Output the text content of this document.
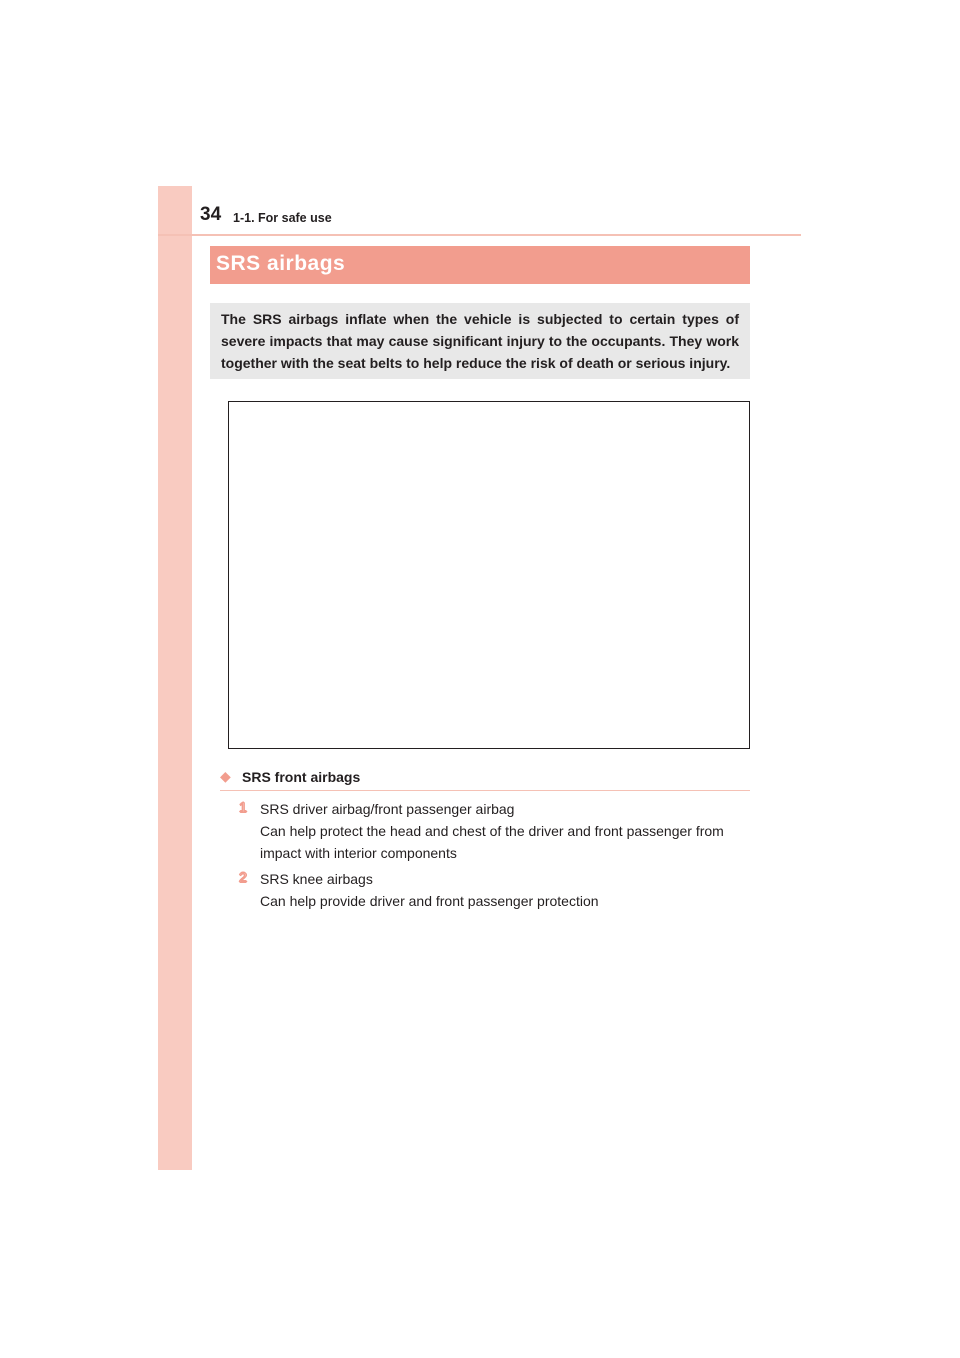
34 1-1. For safe use
SRS airbags
The SRS airbags inflate when the vehicle is subjected to certain types of severe impacts that may cause significant injury to the occupants. They work together with the seat belts to help reduce the risk of death or serious injury.
◆ SRS front airbags
1 SRS driver airbag/front passenger airbag
Can help protect the head and chest of the driver and front passenger from impact with interior components
2 SRS knee airbags
Can help provide driver and front passenger protection
